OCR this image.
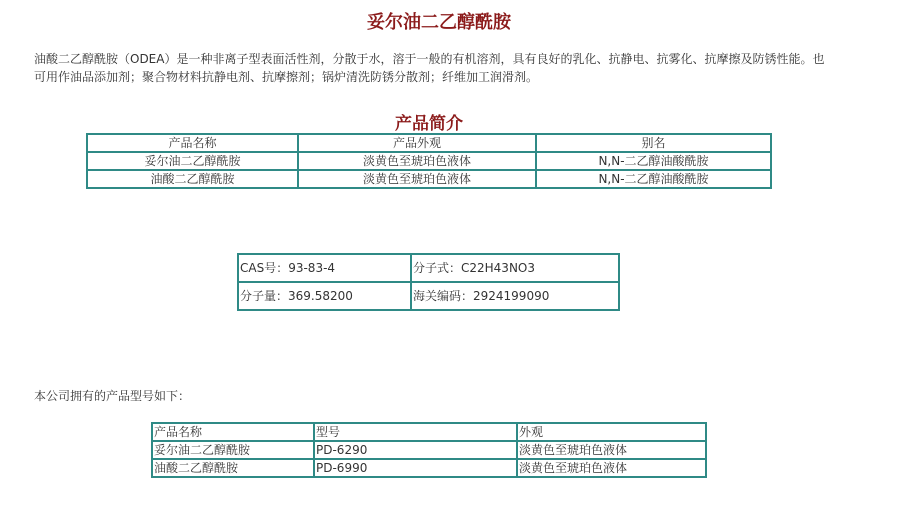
妥尔油二乙醇酰胺

油酸二乙醇酰胺（ODEA）是一种非离子型表面活性剂，分散于水，溶于一般的有机溶剂，具有良好的乳化、抗静电、抗雾化、抗摩擦及防锈性能。也可用作油品添加剂；聚合物材料抗静电剂、抗摩擦剂；锅炉清洗防锈分散剂；纤维加工润滑剂。

产品简介
产品名称	产品外观	别名
妥尔油二乙醇酰胺	淡黄色至琥珀色液体	N,N-二乙醇油酸酰胺
油酸二乙醇酰胺	淡黄色至琥珀色液体	N,N-二乙醇油酸酰胺
CAS号：93-83-4	分子式：C22H43NO3
分子量：369.58200	海关编码：2924199090

本公司拥有的产品型号如下：

产品名称	型号	外观
妥尔油二乙醇酰胺	PD-6290	淡黄色至琥珀色液体
油酸二乙醇酰胺	PD-6990	淡黄色至琥珀色液体
